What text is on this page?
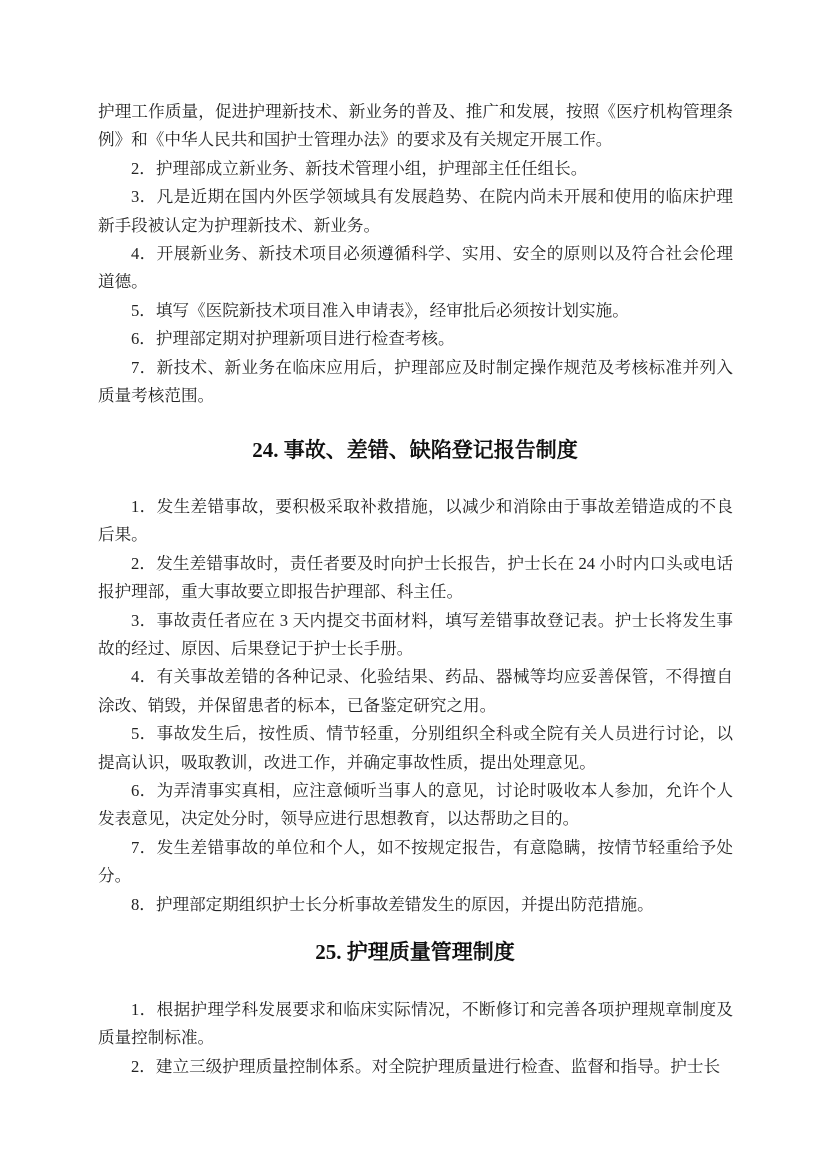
护理工作质量，促进护理新技术、新业务的普及、推广和发展，按照《医疗机构管理条例》和《中华人民共和国护士管理办法》的要求及有关规定开展工作。

2．护理部成立新业务、新技术管理小组，护理部主任任组长。

3．凡是近期在国内外医学领域具有发展趋势、在院内尚未开展和使用的临床护理新手段被认定为护理新技术、新业务。

4．开展新业务、新技术项目必须遵循科学、实用、安全的原则以及符合社会伦理道德。

5．填写《医院新技术项目准入申请表》，经审批后必须按计划实施。

6．护理部定期对护理新项目进行检查考核。

7．新技术、新业务在临床应用后，护理部应及时制定操作规范及考核标准并列入质量考核范围。

24. 事故、差错、缺陷登记报告制度

1．发生差错事故，要积极采取补救措施，以减少和消除由于事故差错造成的不良后果。

2．发生差错事故时，责任者要及时向护士长报告，护士长在 24 小时内口头或电话报护理部，重大事故要立即报告护理部、科主任。

3．事故责任者应在 3 天内提交书面材料，填写差错事故登记表。护士长将发生事故的经过、原因、后果登记于护士长手册。

4．有关事故差错的各种记录、化验结果、药品、器械等均应妥善保管，不得擅自涂改、销毁，并保留患者的标本，已备鉴定研究之用。

5．事故发生后，按性质、情节轻重，分别组织全科或全院有关人员进行讨论，以提高认识，吸取教训，改进工作，并确定事故性质，提出处理意见。

6．为弄清事实真相，应注意倾听当事人的意见，讨论时吸收本人参加，允许个人发表意见，决定处分时，领导应进行思想教育，以达帮助之目的。

7．发生差错事故的单位和个人，如不按规定报告，有意隐瞒，按情节轻重给予处分。

8．护理部定期组织护士长分析事故差错发生的原因，并提出防范措施。

25. 护理质量管理制度

1．根据护理学科发展要求和临床实际情况，不断修订和完善各项护理规章制度及质量控制标准。

2．建立三级护理质量控制体系。对全院护理质量进行检查、监督和指导。护士长
